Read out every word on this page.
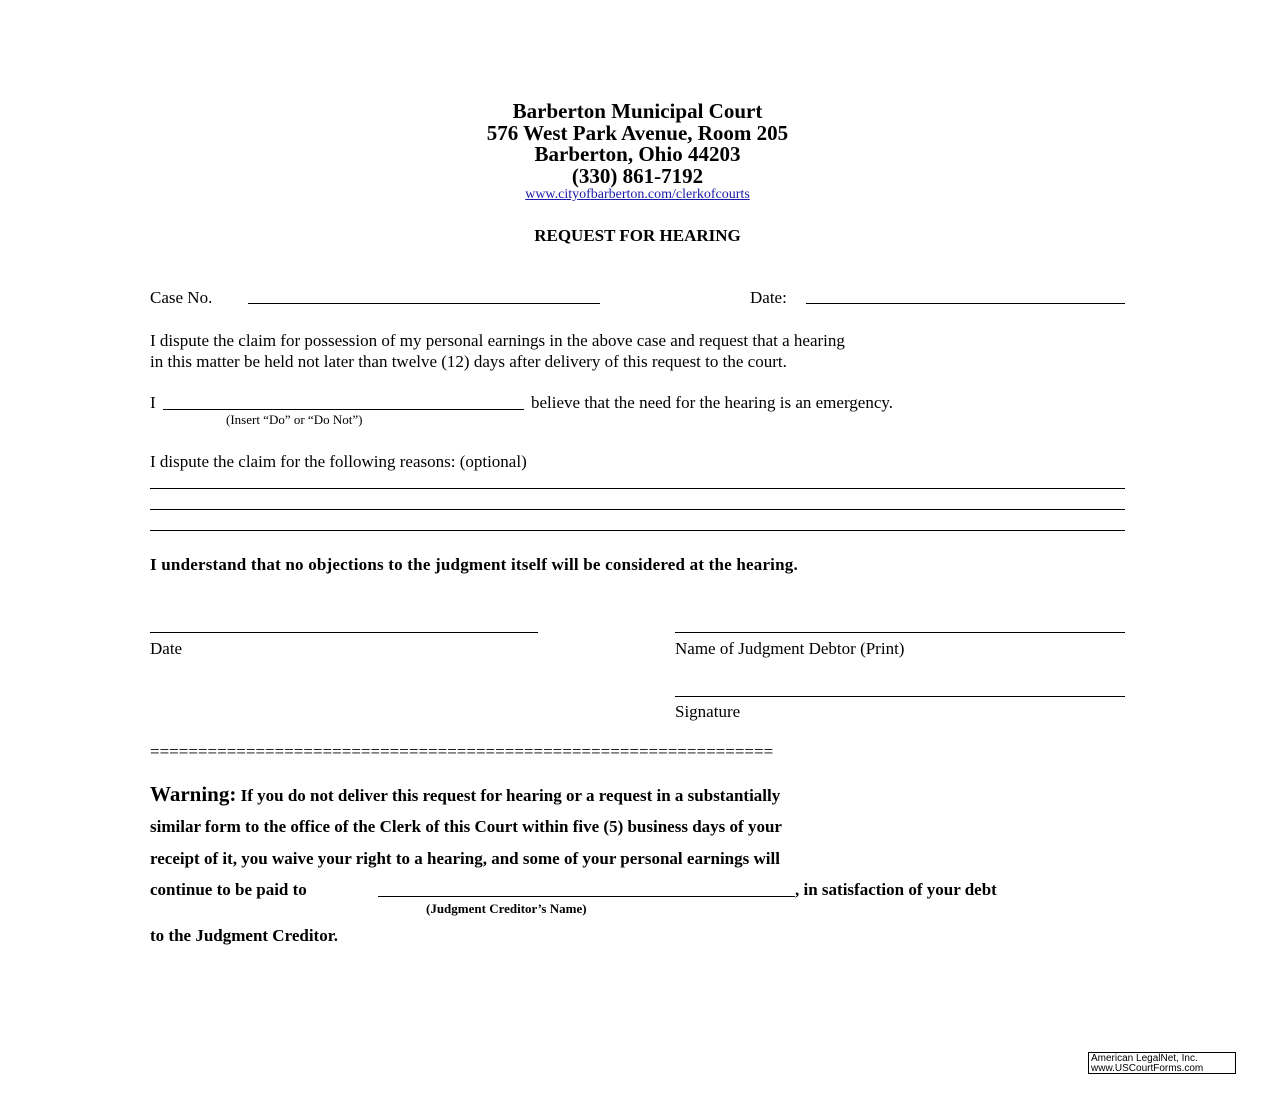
Barberton Municipal Court
576 West Park Avenue, Room 205
Barberton, Ohio 44203
(330) 861-7192
www.cityofbarberton.com/clerkofcourts
REQUEST FOR HEARING
Case No.	Date:
I dispute the claim for possession of my personal earnings in the above case and request that a hearing
in this matter be held not later than twelve (12) days after delivery of this request to the court.
I	believe that the need for the hearing is an emergency.
(Insert “Do” or “Do Not”)
I dispute the claim for the following reasons: (optional)
I understand that no objections to the judgment itself will be considered at the hearing.
Date	Name of Judgment Debtor (Print)
Signature
=================================================================
Warning: If you do not deliver this request for hearing or a request in a substantially
similar form to the office of the Clerk of this Court within five (5) business days of your
receipt of it, you waive your right to a hearing, and some of your personal earnings will
continue to be paid to	, in satisfaction of your debt
(Judgment Creditor’s Name)
to the Judgment Creditor.
American LegalNet, Inc.
www.USCourtForms.com
